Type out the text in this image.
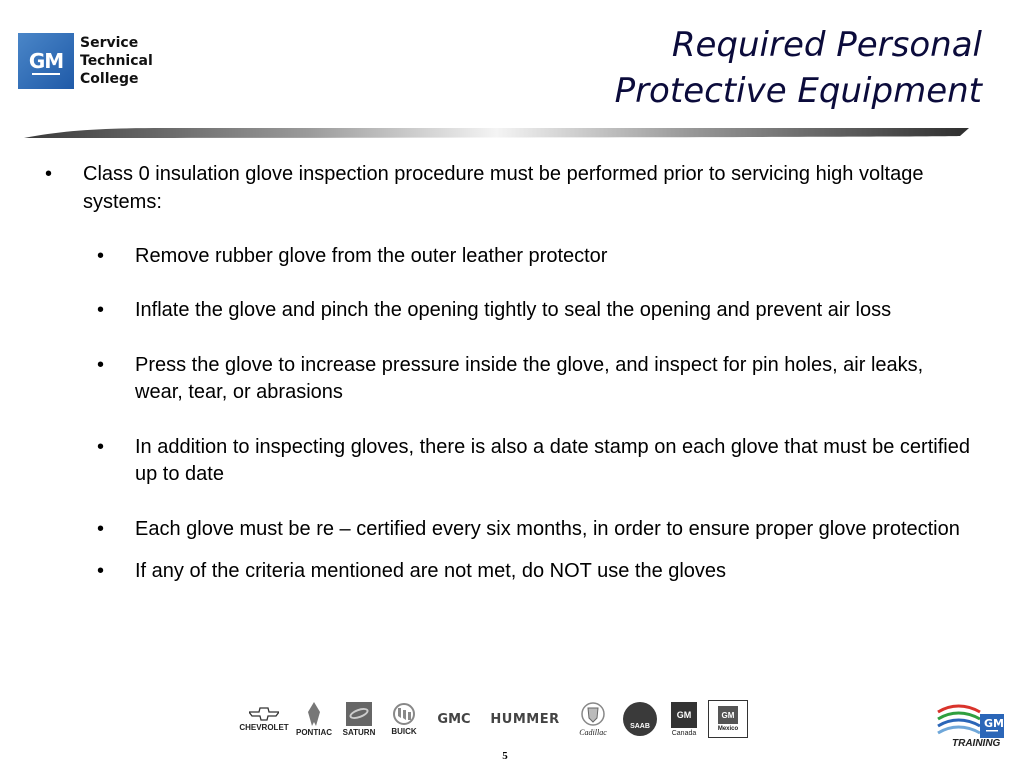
GM
Service
Technical
College
Required Personal
Protective Equipment
•	Class 0 insulation glove inspection procedure must be performed prior to servicing high voltage systems:
•	Remove rubber glove from the outer leather protector
•	Inflate the glove and pinch the opening tightly to seal the opening and prevent air loss
•	Press the glove to increase pressure inside the glove, and inspect for pin holes, air leaks, wear, tear, or abrasions
•	In addition to inspecting gloves, there is also a date stamp on each glove that must be certified up to date
•	Each glove must be re – certified every six months, in order to ensure proper glove protection
•	If any of the criteria mentioned are not met, do NOT use the gloves
CHEVROLET
PONTIAC SATURN BUICK
GMC HUMMER
Cadillac
SAAB
GM
Canada
GM
Mexico
5
GM
TRAINING
